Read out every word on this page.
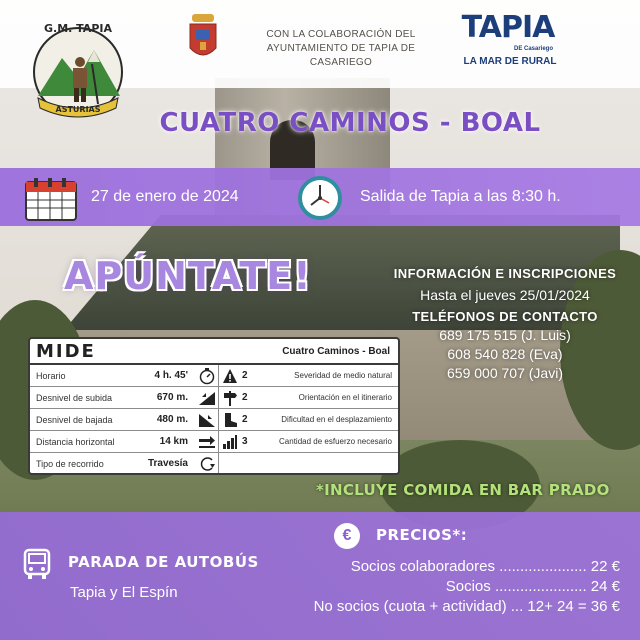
G.M. TAPIA
ASTURIAS
CON LA COLABORACIÓN DEL
AYUNTAMIENTO DE TAPIA DE CASARIEGO
TAPIA
DE Casariego
LA MAR DE RURAL
CUATRO CAMINOS - BOAL
27 de enero de 2024	Salida de Tapia a las 8:30 h.
APÚNTATE!	INFORMACIÓN E INSCRIPCIONES
Hasta el jueves 25/01/2024
TELÉFONOS DE CONTACTO
689 175 515 (J. Luis)
608 540 828 (Eva)
659 000 707 (Javi)
MIDE	Cuatro Caminos - Boal
Horario	4 h. 45'	2	Severidad de medio natural
Desnivel de subida	670 m.	2	Orientación en el itinerario
Desnivel de bajada	480 m.	2	Dificultad en el desplazamiento
Distancia horizontal	14 km	3	Cantidad de esfuerzo necesario
Tipo de recorrido	Travesía
*INCLUYE COMIDA EN BAR PRADO
PARADA DE AUTOBÚS
Tapia y El Espín
€	PRECIOS*:
Socios colaboradores ..................... 22 €
Socios ...................... 24 €
No socios (cuota + actividad) ... 12+ 24 = 36 €
